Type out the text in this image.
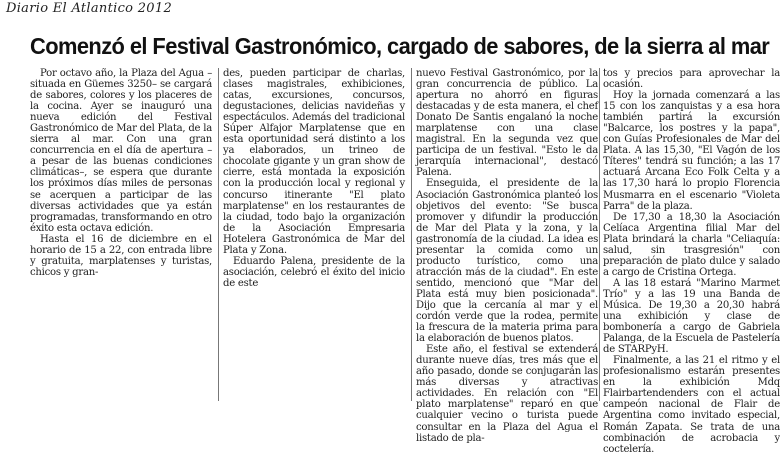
Diario El Atlantico 2012
Comenzó el Festival Gastronómico, cargado de sabores, de la sierra al mar

Por octavo año, la Plaza del Agua –situada en Güemes 3250– se cargará de sabores, colores y los placeres de la cocina. Ayer se inauguró una nueva edición del Festival Gastronómico de Mar del Plata, de la sierra al mar. Con una gran concurrencia en el día de apertura –a pesar de las buenas condiciones climáticas–, se espera que durante los próximos días miles de personas se acerquen a participar de las diversas actividades que ya están programadas, transformando en otro éxito esta octava edición.

Hasta el 16 de diciembre en el horario de 15 a 22, con entrada libre y gratuita, marplatenses y turistas, chicos y gran-

des, pueden participar de charlas, clases magistrales, exhibiciones, catas, excursiones, concursos, degustaciones, delicias navideñas y espectáculos. Además del tradicional Súper Alfajor Marplatense que en esta oportunidad será distinto a los ya elaborados, un trineo de chocolate gigante y un gran show de cierre, está montada la exposición con la producción local y regional y concurso itinerante "El plato marplatense" en los restaurantes de la ciudad, todo bajo la organización de la Asociación Empresaria Hotelera Gastronómica de Mar del Plata y Zona.

Eduardo Palena, presidente de la asociación, celebró el éxito del inicio de este

nuevo Festival Gastronómico, por la gran concurrencia de público. La apertura no ahorró en figuras destacadas y de esta manera, el chef Donato De Santis engalanó la noche marplatense con una clase magistral. En la segunda vez que participa de un festival. "Esto le da jerarquía internacional", destacó Palena.

Enseguida, el presidente de la Asociación Gastronómica planteó los objetivos del evento: "Se busca promover y difundir la producción de Mar del Plata y la zona, y la gastronomía de la ciudad. La idea es presentar la comida como un producto turístico, como una atracción más de la ciudad". En este sentido, mencionó que "Mar del Plata está muy bien posicionada". Dijo que la cercanía al mar y el cordón verde que la rodea, permite la frescura de la materia prima para la elaboración de buenos platos.

Este año, el festival se extenderá durante nueve días, tres más que el año pasado, donde se conjugarán las más diversas y atractivas actividades. En relación con "El plato marplatense" reparó en que cualquier vecino o turista puede consultar en la Plaza del Agua el listado de pla-

tos y precios para aprovechar la ocasión.

Hoy la jornada comenzará a las 15 con los zanquistas y a esa hora también partirá la excursión "Balcarce, los postres y la papa", con Guías Profesionales de Mar del Plata. A las 15,30, "El Vagón de los Títeres" tendrá su función; a las 17 actuará Arcana Eco Folk Celta y a las 17,30 hará lo propio Florencia Musmarra en el escenario "Violeta Parra" de la plaza.

De 17,30 a 18,30 la Asociación Celíaca Argentina filial Mar del Plata brindará la charla "Celiaquía: salud, sin trasgresión" con preparación de plato dulce y salado a cargo de Cristina Ortega.

A las 18 estará "Marino Marmet Trío" y a las 19 una Banda de Música. De 19,30 a 20,30 habrá una exhibición y clase de bombonería a cargo de Gabriela Palanga, de la Escuela de Pastelería de STARPyH.

Finalmente, a las 21 el ritmo y el profesionalismo estarán presentes en la exhibición Mdq Flairbartendenders con el actual campeón nacional de Flair de Argentina como invitado especial, Román Zapata. Se trata de una combinación de acrobacia y coctelería.
